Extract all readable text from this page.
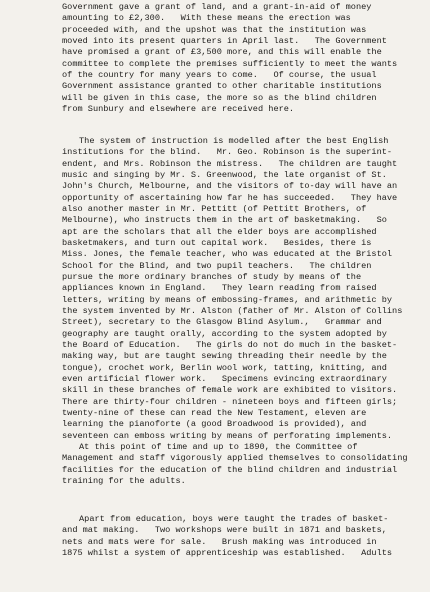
Government gave a grant of land, and a grant-in-aid of money
amounting to £2,300.   With these means the erection was
proceeded with, and the upshot was that the institution was
moved into its present quarters in April last.   The Government
have promised a grant of £3,500 more, and this will enable the
committee to complete the premises sufficiently to meet the wants
of the country for many years to come.   Of course, the usual
Government assistance granted to other charitable institutions
will be given in this case, the more so as the blind children
from Sunbury and elsewhere are received here.
The system of instruction is modelled after the best English
institutions for the blind.   Mr. Geo. Robinson is the superint-
endent, and Mrs. Robinson the mistress.   The children are taught
music and singing by Mr. S. Greenwood, the late organist of St.
John's Church, Melbourne, and the visitors of to-day will have an
opportunity of ascertaining how far he has succeeded.   They have
also another master in Mr. Pettitt (of Pettitt Brothers, of
Melbourne), who instructs them in the art of basketmaking.   So
apt are the scholars that all the elder boys are accomplished
basketmakers, and turn out capital work.   Besides, there is
Miss. Jones, the female teacher, who was educated at the Bristol
School for the Blind, and two pupil teachers.   The children
pursue the more ordinary branches of study by means of the
appliances known in England.   They learn reading from raised
letters, writing by means of embossing-frames, and arithmetic by
the system invented by Mr. Alston (father of Mr. Alston of Collins
Street), secretary to the Glasgow Blind Asylum.,   Grammar and
geography are taught orally, according to the system adopted by
the Board of Education.   The girls do not do much in the basket-
making way, but are taught sewing threading their needle by the
tongue), crochet work, Berlin wool work, tatting, knitting, and
even artificial flower work.   Specimens evincing extraordinary
skill in these branches of female work are exhibited to visitors.
There are thirty-four children - nineteen boys and fifteen girls;
twenty-nine of these can read the New Testament, eleven are
learning the pianoforte (a good Broadwood is provided), and
seventeen can emboss writing by means of perforating implements.
At this point of time and up to 1890, the Committee of
Management and staff vigorously applied themselves to consolidating
facilities for the education of the blind children and industrial
training for the adults.
Apart from education, boys were taught the trades of basket-
and mat making.   Two workshops were built in 1871 and baskets,
nets and mats were for sale.   Brush making was introduced in
1875 whilst a system of apprenticeship was established.   Adults
